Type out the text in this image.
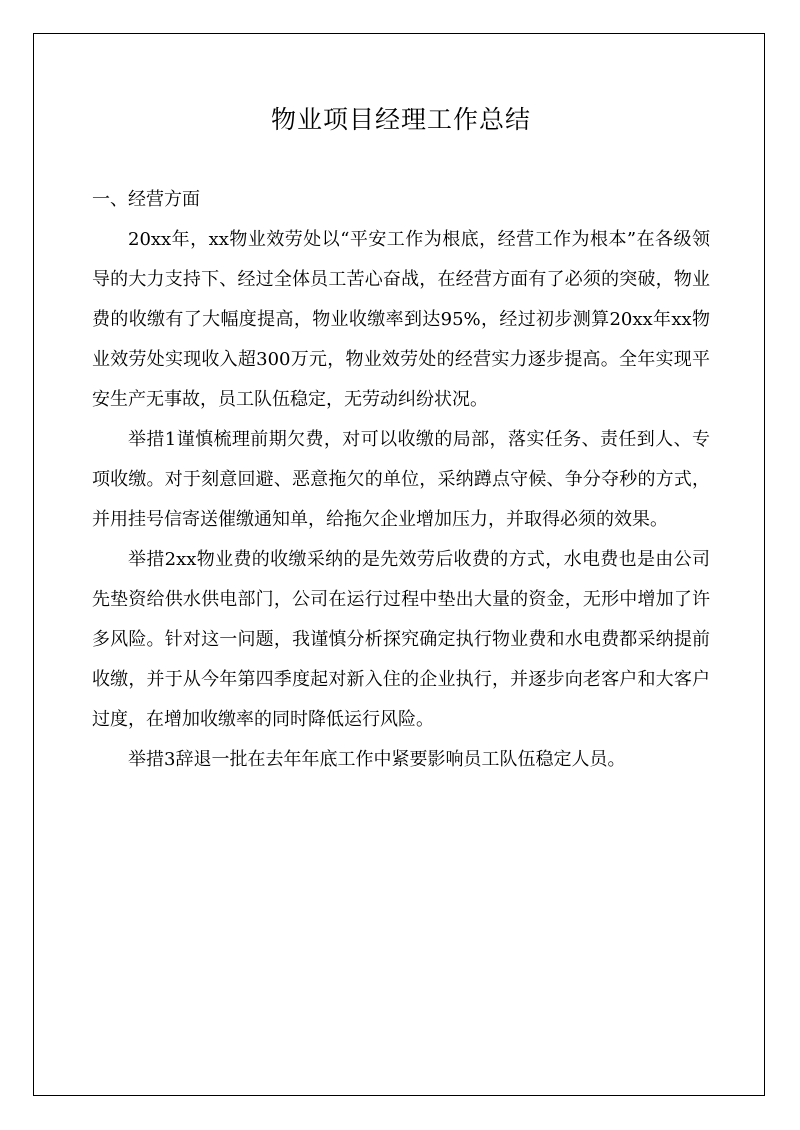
物业项目经理工作总结

一、经营方面

20xx年，xx物业效劳处以“平安工作为根底，经营工作为根本”在各级领导的大力支持下、经过全体员工苦心奋战，在经营方面有了必须的突破，物业费的收缴有了大幅度提高，物业收缴率到达95%，经过初步测算20xx年xx物业效劳处实现收入超300万元，物业效劳处的经营实力逐步提高。全年实现平安生产无事故，员工队伍稳定，无劳动纠纷状况。

举措1谨慎梳理前期欠费，对可以收缴的局部，落实任务、责任到人、专项收缴。对于刻意回避、恶意拖欠的单位，采纳蹲点守候、争分夺秒的方式，并用挂号信寄送催缴通知单，给拖欠企业增加压力，并取得必须的效果。

举措2xx物业费的收缴采纳的是先效劳后收费的方式，水电费也是由公司先垫资给供水供电部门，公司在运行过程中垫出大量的资金，无形中增加了许多风险。针对这一问题，我谨慎分析探究确定执行物业费和水电费都采纳提前收缴，并于从今年第四季度起对新入住的企业执行，并逐步向老客户和大客户过度，在增加收缴率的同时降低运行风险。

举措3辞退一批在去年年底工作中紧要影响员工队伍稳定人员。
